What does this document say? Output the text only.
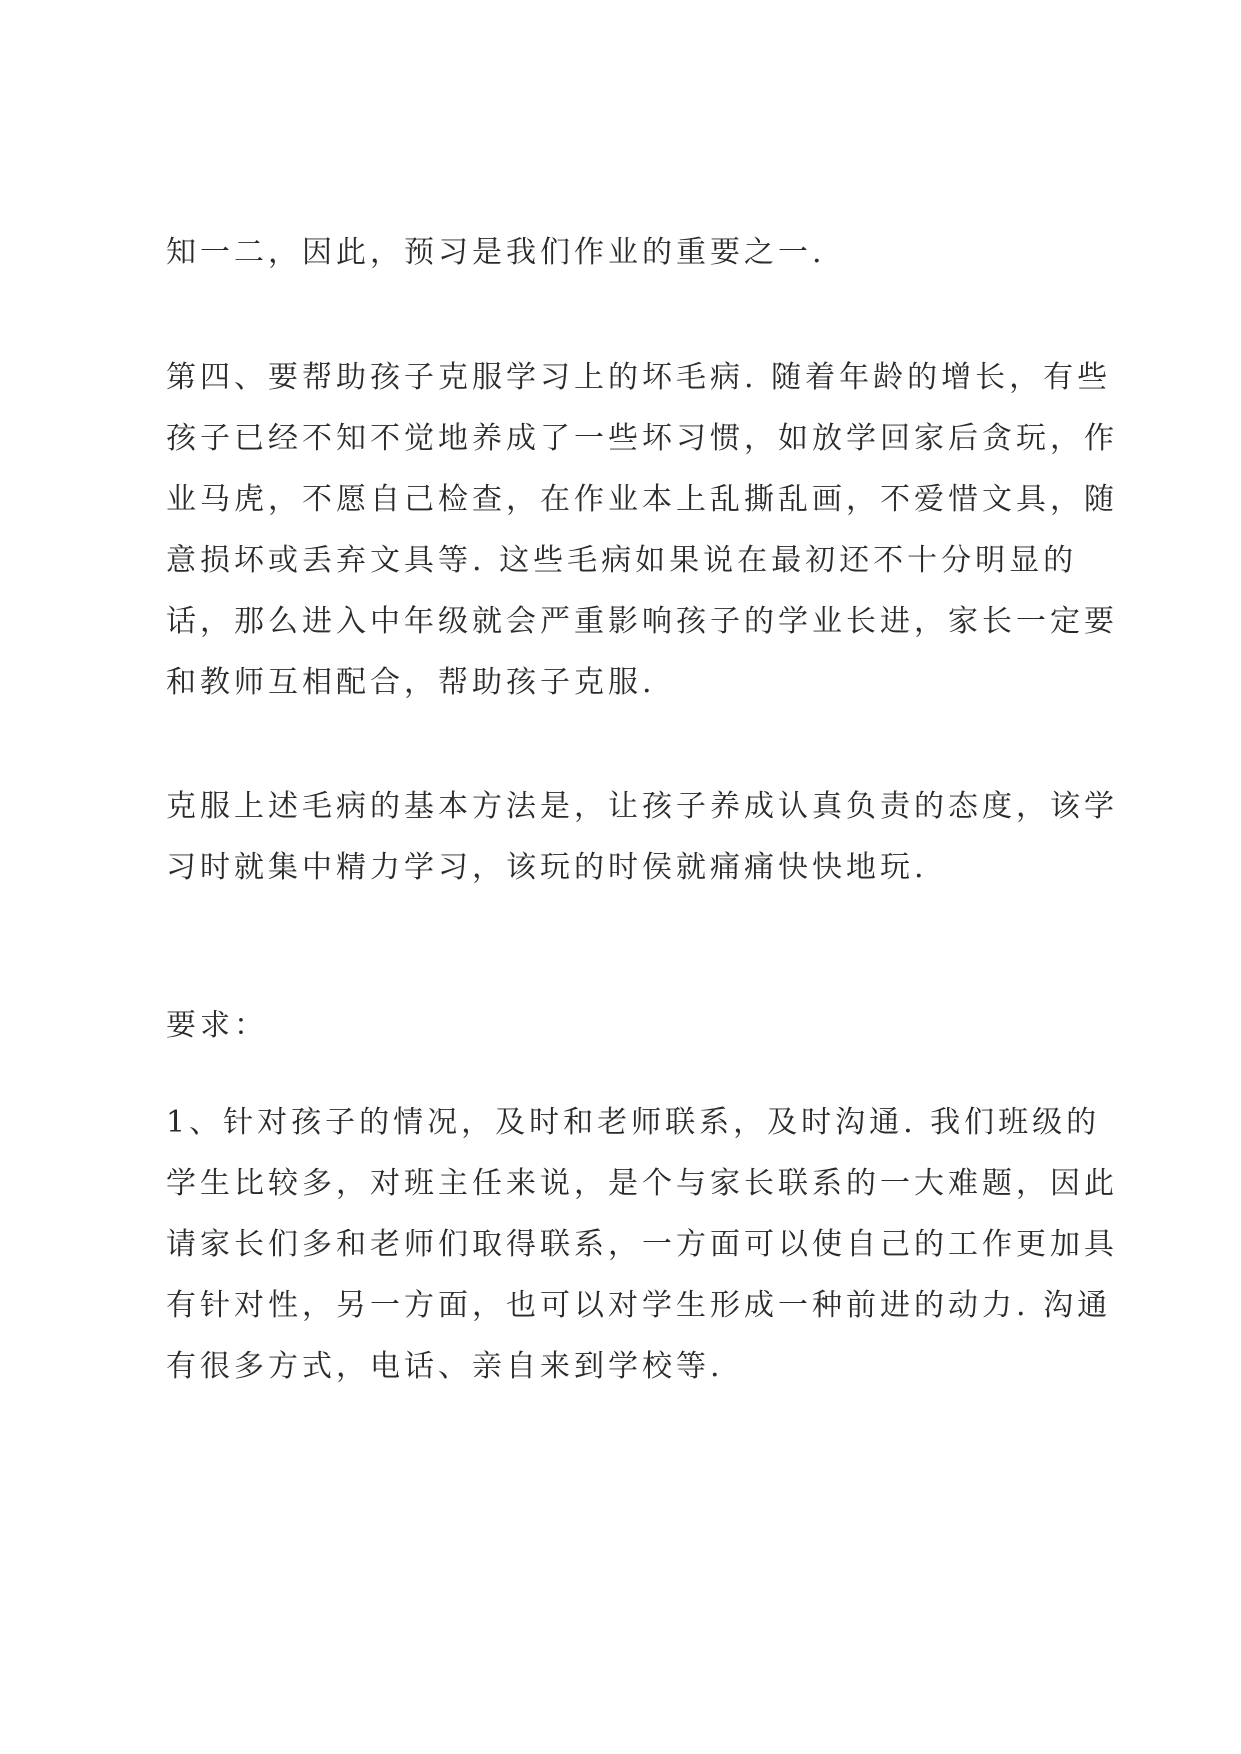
知一二，因此，预习是我们作业的重要之一.
第四、要帮助孩子克服学习上的坏毛病. 随着年龄的增长，有些
孩子已经不知不觉地养成了一些坏习惯，如放学回家后贪玩，作
业马虎，不愿自己检查，在作业本上乱撕乱画，不爱惜文具，随
意损坏或丢弃文具等. 这些毛病如果说在最初还不十分明显的
话，那么进入中年级就会严重影响孩子的学业长进，家长一定要
和教师互相配合，帮助孩子克服.
克服上述毛病的基本方法是，让孩子养成认真负责的态度，该学
习时就集中精力学习，该玩的时侯就痛痛快快地玩.
要求：
1、针对孩子的情况，及时和老师联系，及时沟通. 我们班级的
学生比较多，对班主任来说，是个与家长联系的一大难题，因此
请家长们多和老师们取得联系，一方面可以使自己的工作更加具
有针对性，另一方面，也可以对学生形成一种前进的动力. 沟通
有很多方式，电话、亲自来到学校等.
